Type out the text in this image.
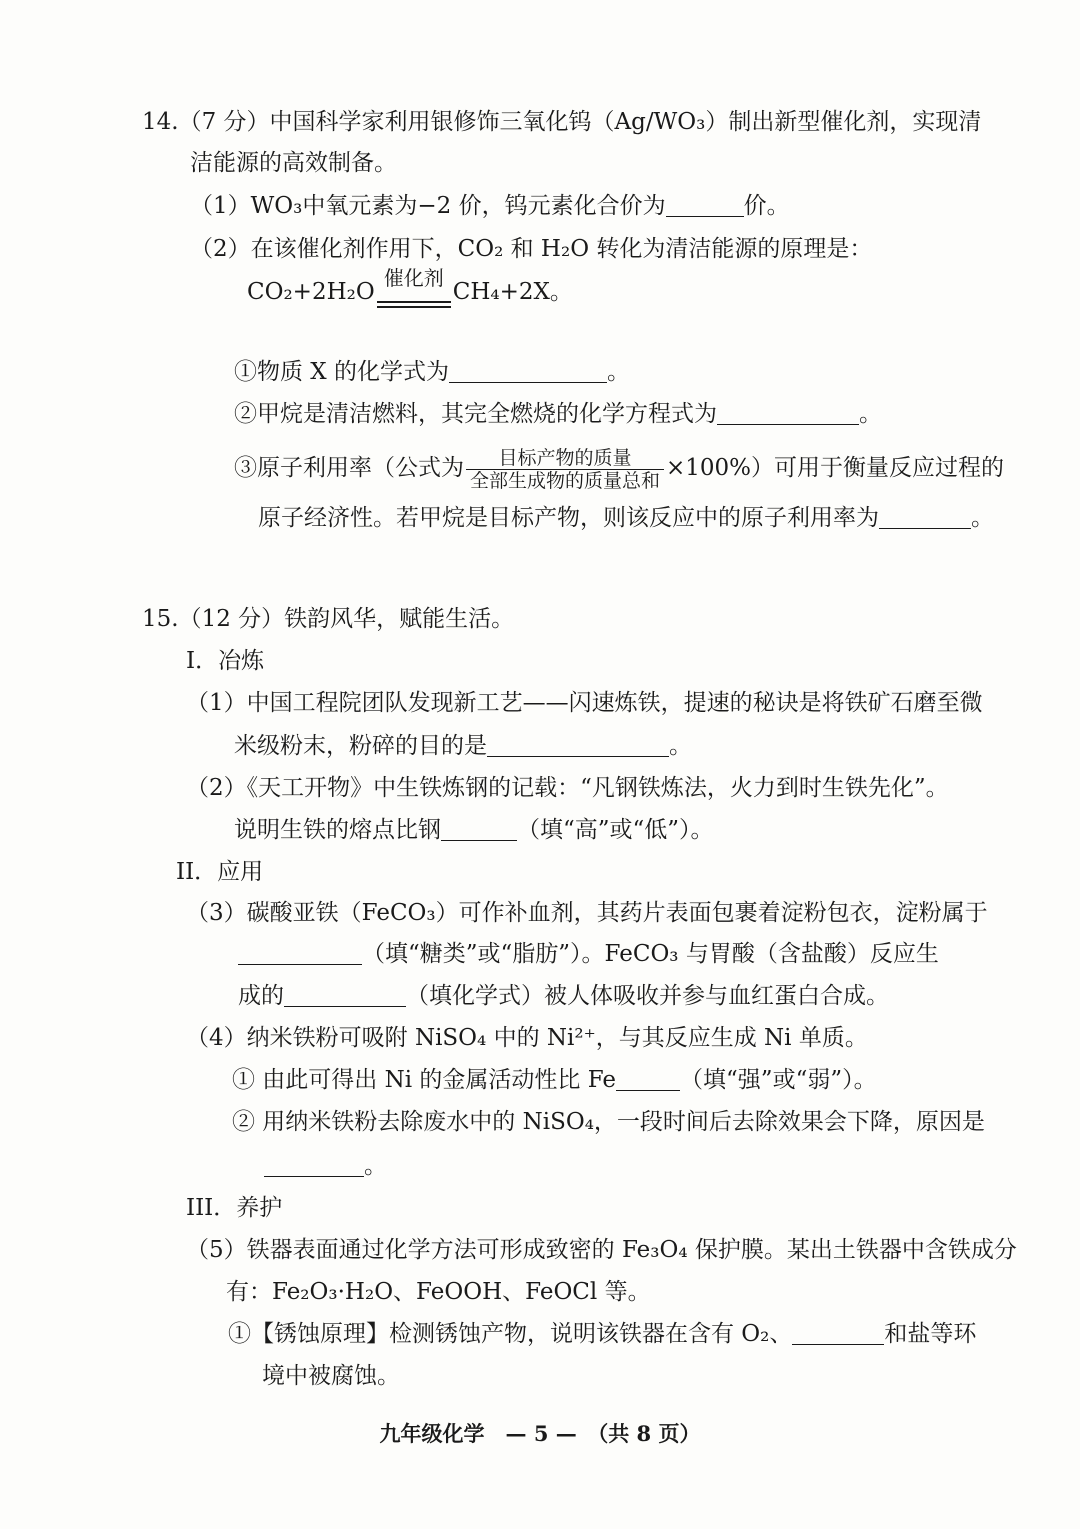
14.（7 分）中国科学家利用银修饰三氧化钨（Ag/WO₃）制出新型催化剂，实现清
洁能源的高效制备。
（1）WO₃中氧元素为−2 价，钨元素化合价为	价。
（2）在该催化剂作用下，CO₂ 和 H₂O 转化为清洁能源的原理是：
CO₂+2H₂O
催化剂
CH₄+2X。
①物质 X 的化学式为	。
②甲烷是清洁燃料，其完全燃烧的化学方程式为	。
③原子利用率（公式为 $\frac{\text{目标产物的质量}}{\text{全部生成物的质量总和}} \times 100\%$）可用于衡量反应过程的
原子经济性。若甲烷是目标产物，则该反应中的原子利用率为	。
15.（12 分）铁韵风华，赋能生活。
I．冶炼
（1）中国工程院团队发现新工艺——闪速炼铁，提速的秘诀是将铁矿石磨至微
米级粉末，粉碎的目的是	。
（2）《天工开物》中生铁炼钢的记载：“凡钢铁炼法，火力到时生铁先化”。
说明生铁的熔点比钢	（填“高”或“低”）。
II．应用
（3）碳酸亚铁（FeCO₃）可作补血剂，其药片表面包裹着淀粉包衣，淀粉属于
（填“糖类”或“脂肪”）。FeCO₃ 与胃酸（含盐酸）反应生
成的	（填化学式）被人体吸收并参与血红蛋白合成。
（4）纳米铁粉可吸附 NiSO₄ 中的 Ni²⁺，与其反应生成 Ni 单质。
① 由此可得出 Ni 的金属活动性比 Fe	（填“强”或“弱”）。
② 用纳米铁粉去除废水中的 NiSO₄，一段时间后去除效果会下降，原因是
。
III．养护
（5）铁器表面通过化学方法可形成致密的 Fe₃O₄ 保护膜。某出土铁器中含铁成分
有：Fe₂O₃·H₂O、FeOOH、FeOCl 等。
①【锈蚀原理】检测锈蚀产物，说明该铁器在含有 O₂、	和盐等环
境中被腐蚀。
九年级化学　— 5 —　（共 8 页）
